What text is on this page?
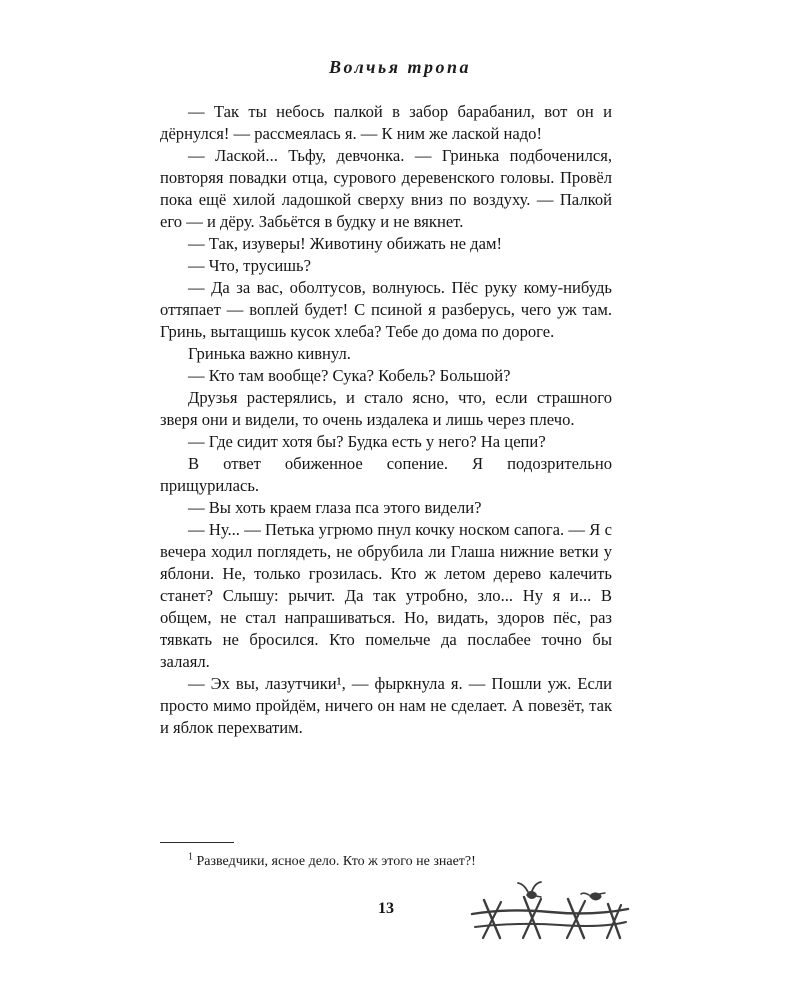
Волчья тропа

— Так ты небось палкой в забор барабанил, вот он и дёрнулся! — рассмеялась я. — К ним же лаской надо!

— Лаской... Тьфу, девчонка. — Гринька подбоченился, повторяя повадки отца, сурового деревенского головы. Провёл пока ещё хилой ладошкой сверху вниз по воздуху. — Палкой его — и дёру. Забьётся в будку и не вякнет.

— Так, изуверы! Животину обижать не дам!

— Что, трусишь?

— Да за вас, оболтусов, волнуюсь. Пёс руку кому-нибудь оттяпает — воплей будет! С псиной я разберусь, чего уж там. Гринь, вытащишь кусок хлеба? Тебе до дома по дороге.

Гринька важно кивнул.

— Кто там вообще? Сука? Кобель? Большой?

Друзья растерялись, и стало ясно, что, если страшного зверя они и видели, то очень издалека и лишь через плечо.

— Где сидит хотя бы? Будка есть у него? На цепи?

В ответ обиженное сопение. Я подозрительно прищурилась.

— Вы хоть краем глаза пса этого видели?

— Ну... — Петька угрюмо пнул кочку носком сапога. — Я с вечера ходил поглядеть, не обрубила ли Глаша нижние ветки у яблони. Не, только грозилась. Кто ж летом дерево калечить станет? Слышу: рычит. Да так утробно, зло... Ну я и... В общем, не стал напрашиваться. Но, видать, здоров пёс, раз тявкать не бросился. Кто помельче да послабее точно бы залаял.

— Эх вы, лазутчики¹, — фыркнула я. — Пошли уж. Если просто мимо пройдём, ничего он нам не сделает. А повезёт, так и яблок перехватим.

$^1$ Разведчики, ясное дело. Кто ж этого не знает?!
13
